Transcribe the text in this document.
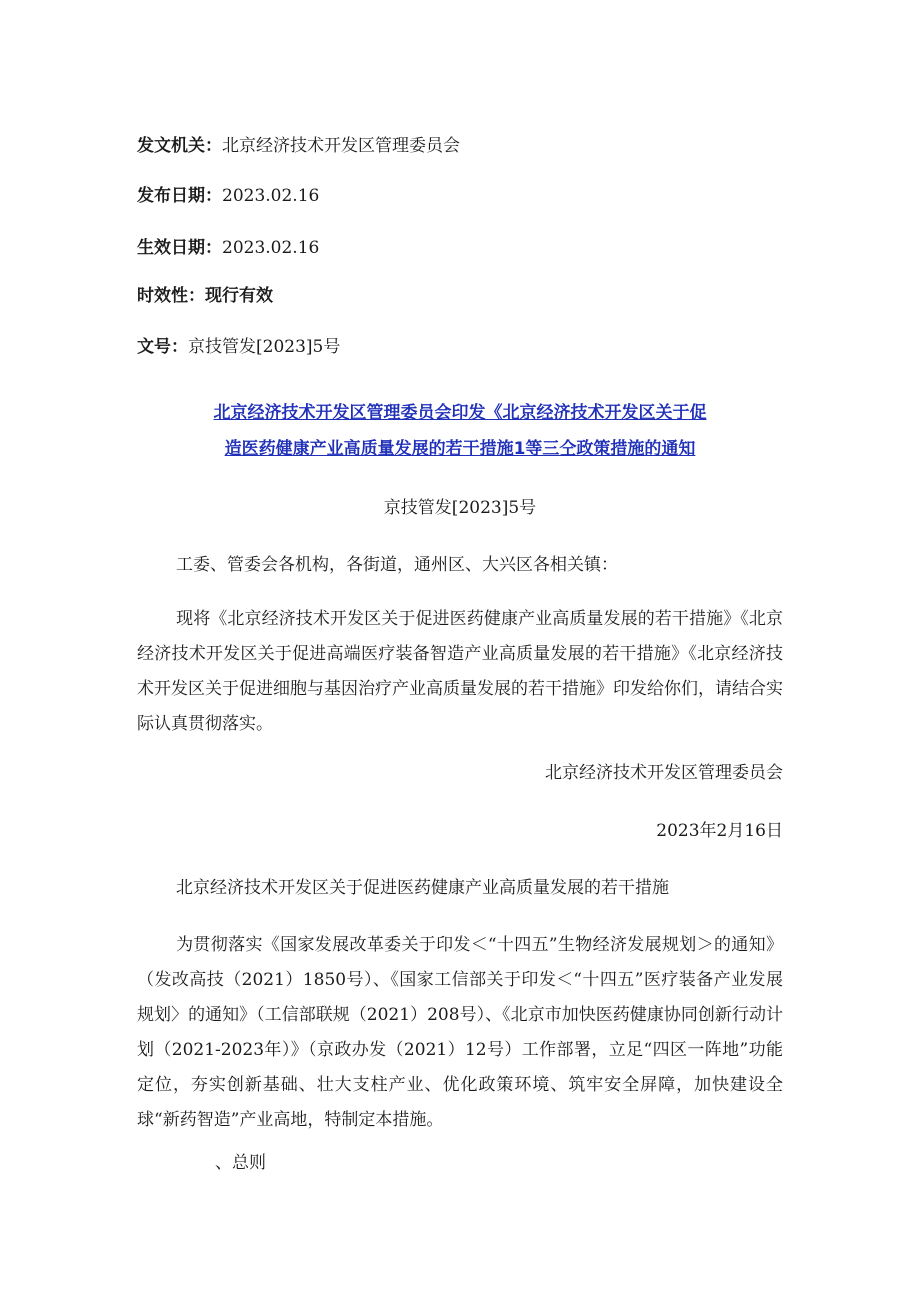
发文机关：北京经济技术开发区管理委员会
发布日期：2023.02.16
生效日期：2023.02.16
时效性：现行有效
文号：京技管发[2023]5号
北京经济技术开发区管理委员会印发《北京经济技术开发区关于促
造医药健康产业高质量发展的若干措施1等三仝政策措施的通知
京技管发[2023]5号
工委、管委会各机构，各街道，通州区、大兴区各相关镇：
现将《北京经济技术开发区关于促进医药健康产业高质量发展的若干措施》《北京经济技术开发区关于促进高端医疗装备智造产业高质量发展的若干措施》《北京经济技术开发区关于促进细胞与基因治疗产业高质量发展的若干措施》印发给你们，请结合实际认真贯彻落实。
北京经济技术开发区管理委员会
2023年2月16日
北京经济技术开发区关于促进医药健康产业高质量发展的若干措施
为贯彻落实《国家发展改革委关于印发＜“十四五”生物经济发展规划＞的通知》（发改高技（2021）1850号）、《国家工信部关于印发＜“十四五”医疗装备产业发展规划〉的通知》（工信部联规（2021）208号）、《北京市加快医药健康协同创新行动计划（2021-2023年）》（京政办发（2021）12号）工作部署，立足“四区一阵地”功能定位，夯实创新基础、壮大支柱产业、优化政策环境、筑牢安全屏障，加快建设全球“新药智造”产业高地，特制定本措施。
、总则
